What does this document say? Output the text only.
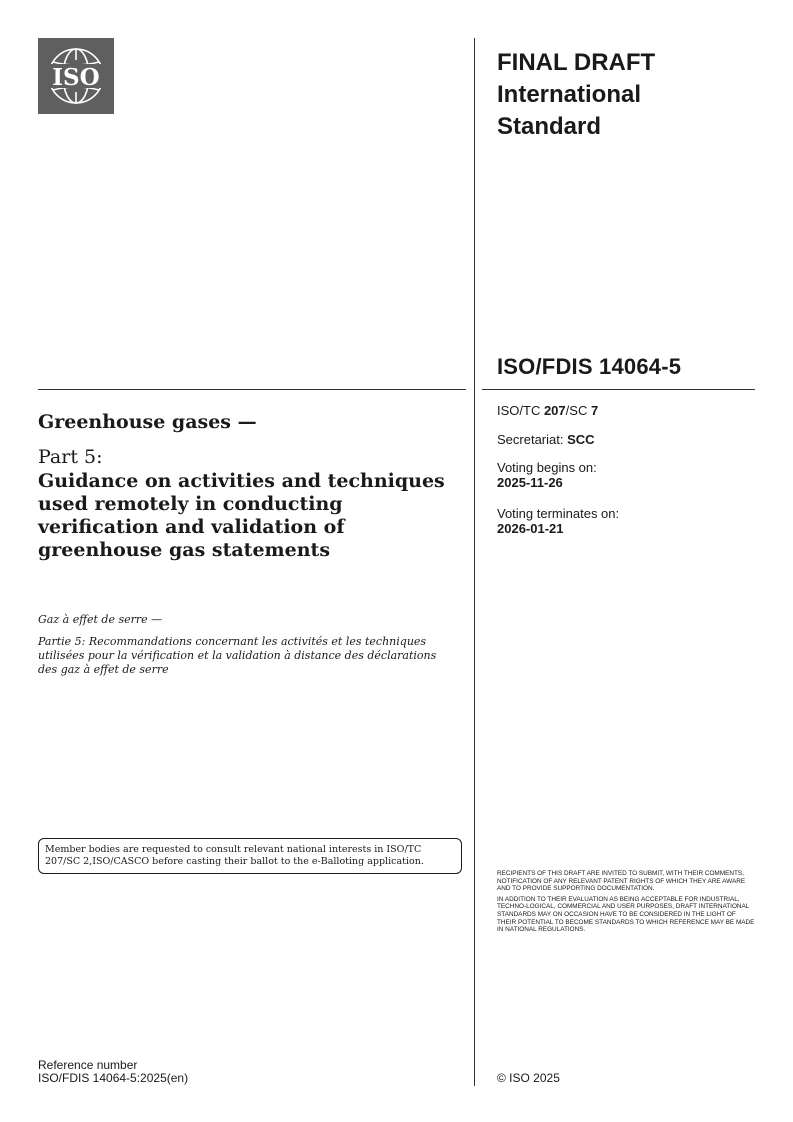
ISO
FINAL DRAFT
International
Standard
ISO/FDIS 14064-5
ISO/TC 207/SC 7
Secretariat: SCC
Voting begins on:
2025-11-26
Voting terminates on:
2026-01-21
Greenhouse gases —
Part 5:
Guidance on activities and techniques used remotely in conducting verification and validation of greenhouse gas statements
Gaz à effet de serre —
Partie 5: Recommandations concernant les activités et les techniques utilisées pour la vérification et la validation à distance des déclarations des gaz à effet de serre
Member bodies are requested to consult relevant national interests in ISO/TC 207/SC 2,ISO/CASCO before casting their ballot to the e-Balloting application.

RECIPIENTS OF THIS DRAFT ARE INVITED TO SUBMIT, WITH THEIR COMMENTS, NOTIFICATION OF ANY RELEVANT PATENT RIGHTS OF WHICH THEY ARE AWARE AND TO PROVIDE SUPPORTING DOCUMENTATION.

IN ADDITION TO THEIR EVALUATION AS BEING ACCEPTABLE FOR INDUSTRIAL, TECHNO-LOGICAL, COMMERCIAL AND USER PURPOSES, DRAFT INTERNATIONAL STANDARDS MAY ON OCCASION HAVE TO BE CONSIDERED IN THE LIGHT OF THEIR POTENTIAL TO BECOME STANDARDS TO WHICH REFERENCE MAY BE MADE IN NATIONAL REGULATIONS.

Reference number
ISO/FDIS 14064-5:2025(en)	© ISO 2025
